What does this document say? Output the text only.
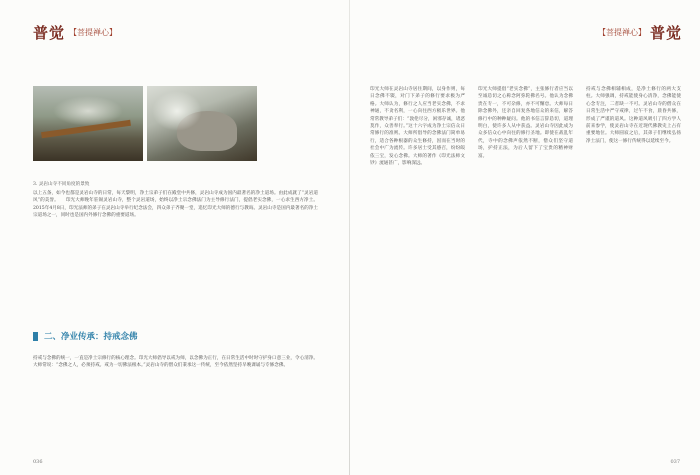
普觉 【菩提禅心】
3. 灵岩山寺不同角度的景致

以上五条，如今也都是灵岩山寺的日常，每天黎明，净土宗弟子们在殿堂中共修，灵岩山寺成为国内最著名的净土道场。由此成就了“灵岩道风”的美誉。　　印光大师晚年驻锡灵岩山寺，整个灵岩道场，始终以净土宗念佛法门为主导修行法门，提倡老实念佛，一心求生西方净土。2015年4月8日，印光法师的弟子在灵岩山寺举行纪念法会，四众弟子齐聚一堂，追忆印光大师的德行与教诲。灵岩山寺是国内最著名的净土宗道场之一，同时也是国内外修行念佛的重要道场。

二、净业传承：持戒念佛

持戒与念佛的统一，一直是净土宗修行的核心理念。印光大师倡导以戒为师，以念佛为正行，在日常生活中时时守护身口意三业，令心清净。大师常说：“念佛之人，必须持戒。戒为一切佛法根本。”灵岩山寺的僧众们秉承这一传统，至今依然坚持早晚课诵与专修念佛。

036
【菩提禅心】 普觉

印光大师在灵岩山寺居住期间，以身作则，每日念佛不辍，对门下弟子的修行要求极为严格。大师认为，修行之人应当老实念佛，不求神通，不贪名利，一心向往西方极乐世界。他常常教导弟子们：“敦伦尽分，闲邪存诚，诸恶莫作，众善奉行。”这十六字成为净土宗信众日常修行的准则。大师所倡导的念佛法门简单易行，适合各种根器的众生修持，因而在当时的社会中广为流传。许多居士受其感召，纷纷皈依三宝，发心念佛。大师的著作《印光法师文钞》流通甚广，影响深远。

印光大师提倡“老实念佛”，主张修行者应当以至诚恳切之心称念阿弥陀佛名号。他认为念佛贵在专一，不可杂修，亦不可懈怠。大师每日除念佛外，还亲自回复各地信众的来信，解答修行中的种种疑问。他的书信言辞恳切，道理明白，使许多人从中获益。灵岩山寺因此成为众多信众心中向往的修行圣地。即使在战乱年代，寺中的念佛声依然不断，僧众们坚守道场，护持正法，为后人留下了宝贵的精神财富。

持戒与念佛相辅相成，是净土修行的两大支柱。大师强调，持戒能使身心清净，念佛能使心念专注，二者缺一不可。灵岩山寺的僧众在日常生活中严守戒律，过午不食，晨昏共修，形成了严谨的道风。这种道风吸引了四方学人前来参学，使灵岩山寺在近现代佛教史上占有重要地位。大师圆寂之后，其弟子们继续弘扬净土法门，使这一修行传统得以延续至今。

037
